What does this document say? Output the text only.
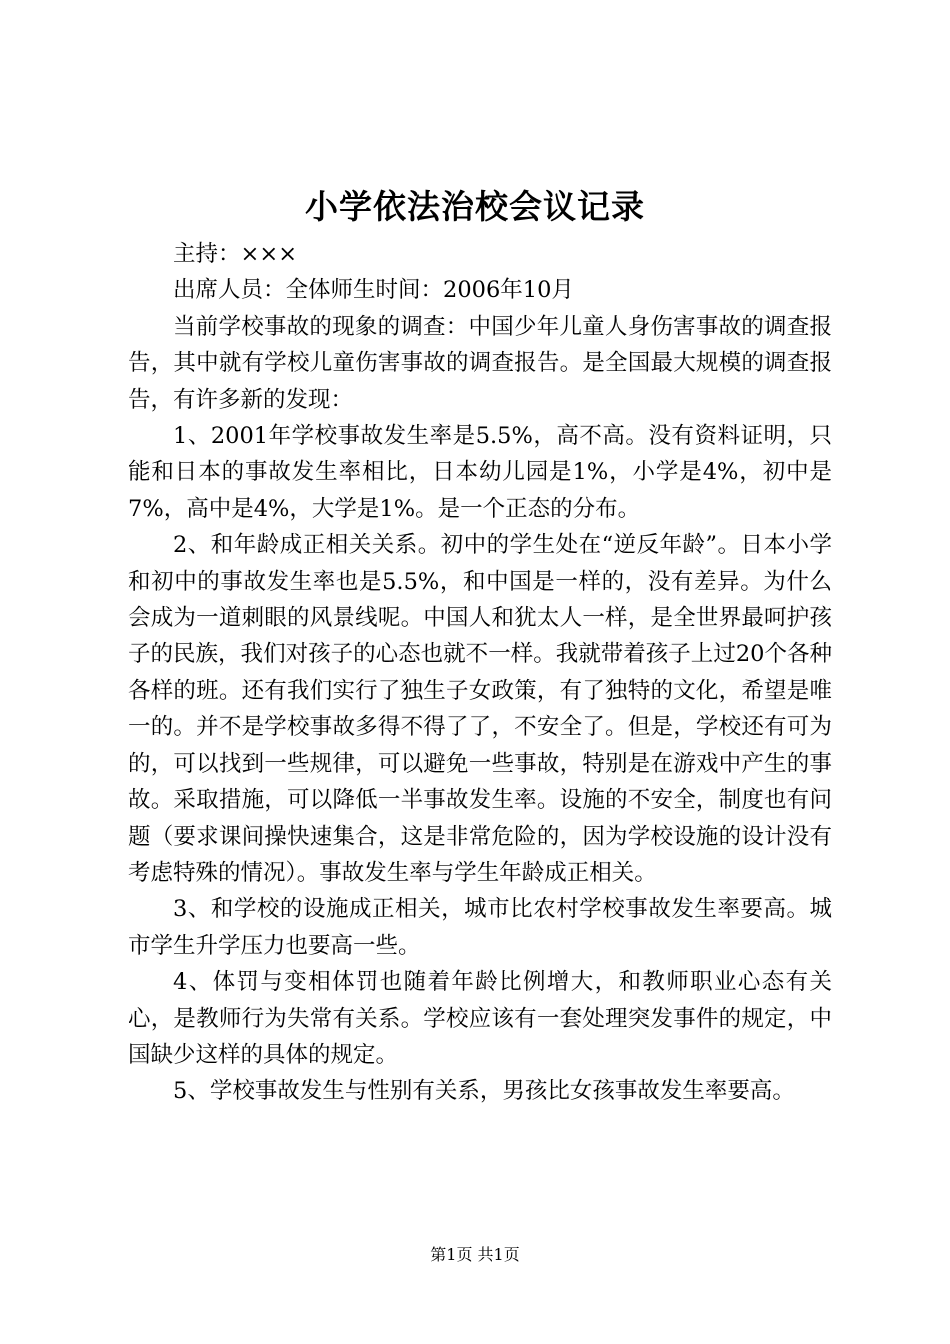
小学依法治校会议记录

主持：×××

出席人员：全体师生时间：2006年10月

当前学校事故的现象的调查：中国少年儿童人身伤害事故的调查报告，其中就有学校儿童伤害事故的调查报告。是全国最大规模的调查报告，有许多新的发现：

1、2001年学校事故发生率是5.5%，高不高。没有资料证明，只能和日本的事故发生率相比，日本幼儿园是1%，小学是4%，初中是7%，高中是4%，大学是1%。是一个正态的分布。

2、和年龄成正相关关系。初中的学生处在“逆反年龄”。日本小学和初中的事故发生率也是5.5%，和中国是一样的，没有差异。为什么会成为一道刺眼的风景线呢。中国人和犹太人一样，是全世界最呵护孩子的民族，我们对孩子的心态也就不一样。我就带着孩子上过20个各种各样的班。还有我们实行了独生子女政策，有了独特的文化，希望是唯一的。并不是学校事故多得不得了了，不安全了。但是，学校还有可为的，可以找到一些规律，可以避免一些事故，特别是在游戏中产生的事故。采取措施，可以降低一半事故发生率。设施的不安全，制度也有问题（要求课间操快速集合，这是非常危险的，因为学校设施的设计没有考虑特殊的情况）。事故发生率与学生年龄成正相关。

3、和学校的设施成正相关，城市比农村学校事故发生率要高。城市学生升学压力也要高一些。

4、体罚与变相体罚也随着年龄比例增大，和教师职业心态有关心，是教师行为失常有关系。学校应该有一套处理突发事件的规定，中国缺少这样的具体的规定。

5、学校事故发生与性别有关系，男孩比女孩事故发生率要高。

第1页 共1页
